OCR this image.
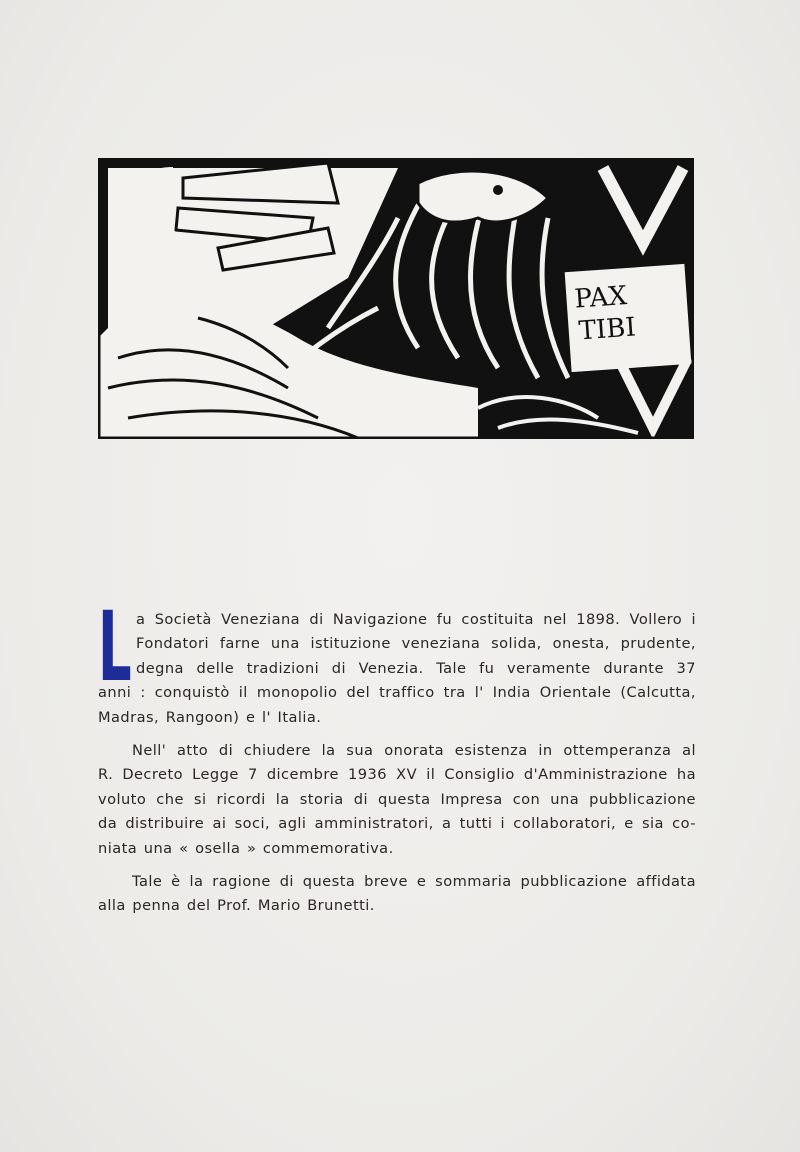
PAX
TIBI
L a Società Veneziana di Navigazione fu costituita nel 1898. Vollero i
Fondatori farne una istituzione veneziana solida, onesta, prudente,
degna delle tradizioni di Venezia. Tale fu veramente durante 37
anni : conquistò il monopolio del traffico tra l' India Orientale (Calcutta,
Madras, Rangoon) e l' Italia.
Nell' atto di chiudere la sua onorata esistenza in ottemperanza al
R. Decreto Legge 7 dicembre 1936 XV il Consiglio d'Amministrazione ha
voluto che si ricordi la storia di questa Impresa con una pubblicazione
da distribuire ai soci, agli amministratori, a tutti i collaboratori, e sia co-
niata una « osella » commemorativa.
Tale è la ragione di questa breve e sommaria pubblicazione affidata
alla penna del Prof. Mario Brunetti.
